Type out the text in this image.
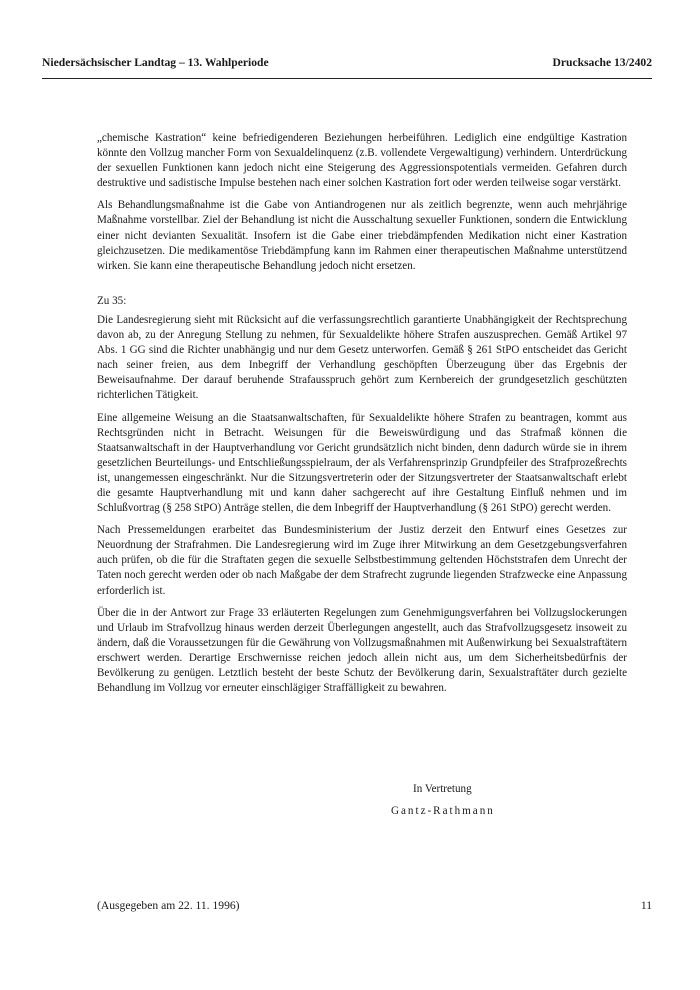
Niedersächsischer Landtag – 13. Wahlperiode	Drucksache 13/2402

„chemische Kastration“ keine befriedigenderen Beziehungen herbeiführen. Lediglich eine endgültige Kastration könnte den Vollzug mancher Form von Sexualdelinquenz (z.B. vollendete Vergewaltigung) verhindern. Unterdrückung der sexuellen Funktionen kann jedoch nicht eine Steigerung des Aggressionspotentials vermeiden. Gefahren durch destruktive und sadistische Impulse bestehen nach einer solchen Kastration fort oder werden teilweise sogar verstärkt.

Als Behandlungsmaßnahme ist die Gabe von Antiandrogenen nur als zeitlich begrenzte, wenn auch mehrjährige Maßnahme vorstellbar. Ziel der Behandlung ist nicht die Ausschaltung sexueller Funktionen, sondern die Entwicklung einer nicht devianten Sexualität. Insofern ist die Gabe einer triebdämpfenden Medikation nicht einer Kastration gleichzusetzen. Die medikamentöse Triebdämpfung kann im Rahmen einer therapeutischen Maßnahme unterstützend wirken. Sie kann eine therapeutische Behandlung jedoch nicht ersetzen.

Zu 35:

Die Landesregierung sieht mit Rücksicht auf die verfassungsrechtlich garantierte Unabhängigkeit der Rechtsprechung davon ab, zu der Anregung Stellung zu nehmen, für Sexualdelikte höhere Strafen auszusprechen. Gemäß Artikel 97 Abs. 1 GG sind die Richter unabhängig und nur dem Gesetz unterworfen. Gemäß § 261 StPO entscheidet das Gericht nach seiner freien, aus dem Inbegriff der Verhandlung geschöpften Überzeugung über das Ergebnis der Beweisaufnahme. Der darauf beruhende Strafausspruch gehört zum Kernbereich der grundgesetzlich geschützten richterlichen Tätigkeit.

Eine allgemeine Weisung an die Staatsanwaltschaften, für Sexualdelikte höhere Strafen zu beantragen, kommt aus Rechtsgründen nicht in Betracht. Weisungen für die Beweiswürdigung und das Strafmaß können die Staatsanwaltschaft in der Hauptverhandlung vor Gericht grundsätzlich nicht binden, denn dadurch würde sie in ihrem gesetzlichen Beurteilungs- und Entschließungsspielraum, der als Verfahrensprinzip Grundpfeiler des Strafprozeßrechts ist, unangemessen eingeschränkt. Nur die Sitzungsvertreterin oder der Sitzungsvertreter der Staatsanwaltschaft erlebt die gesamte Hauptverhandlung mit und kann daher sachgerecht auf ihre Gestaltung Einfluß nehmen und im Schlußvortrag (§ 258 StPO) Anträge stellen, die dem Inbegriff der Hauptverhandlung (§ 261 StPO) gerecht werden.

Nach Pressemeldungen erarbeitet das Bundesministerium der Justiz derzeit den Entwurf eines Gesetzes zur Neuordnung der Strafrahmen. Die Landesregierung wird im Zuge ihrer Mitwirkung an dem Gesetzgebungsverfahren auch prüfen, ob die für die Straftaten gegen die sexuelle Selbstbestimmung geltenden Höchststrafen dem Unrecht der Taten noch gerecht werden oder ob nach Maßgabe der dem Strafrecht zugrunde liegenden Strafzwecke eine Anpassung erforderlich ist.

Über die in der Antwort zur Frage 33 erläuterten Regelungen zum Genehmigungsverfahren bei Vollzugslockerungen und Urlaub im Strafvollzug hinaus werden derzeit Überlegungen angestellt, auch das Strafvollzugsgesetz insoweit zu ändern, daß die Voraussetzungen für die Gewährung von Vollzugsmaßnahmen mit Außenwirkung bei Sexualstraftätern erschwert werden. Derartige Erschwernisse reichen jedoch allein nicht aus, um dem Sicherheitsbedürfnis der Bevölkerung zu genügen. Letztlich besteht der beste Schutz der Bevölkerung darin, Sexualstraftäter durch gezielte Behandlung im Vollzug vor erneuter einschlägiger Straffälligkeit zu bewahren.

In Vertretung
Gantz-Rathmann
(Ausgegeben am 22. 11. 1996)	11
